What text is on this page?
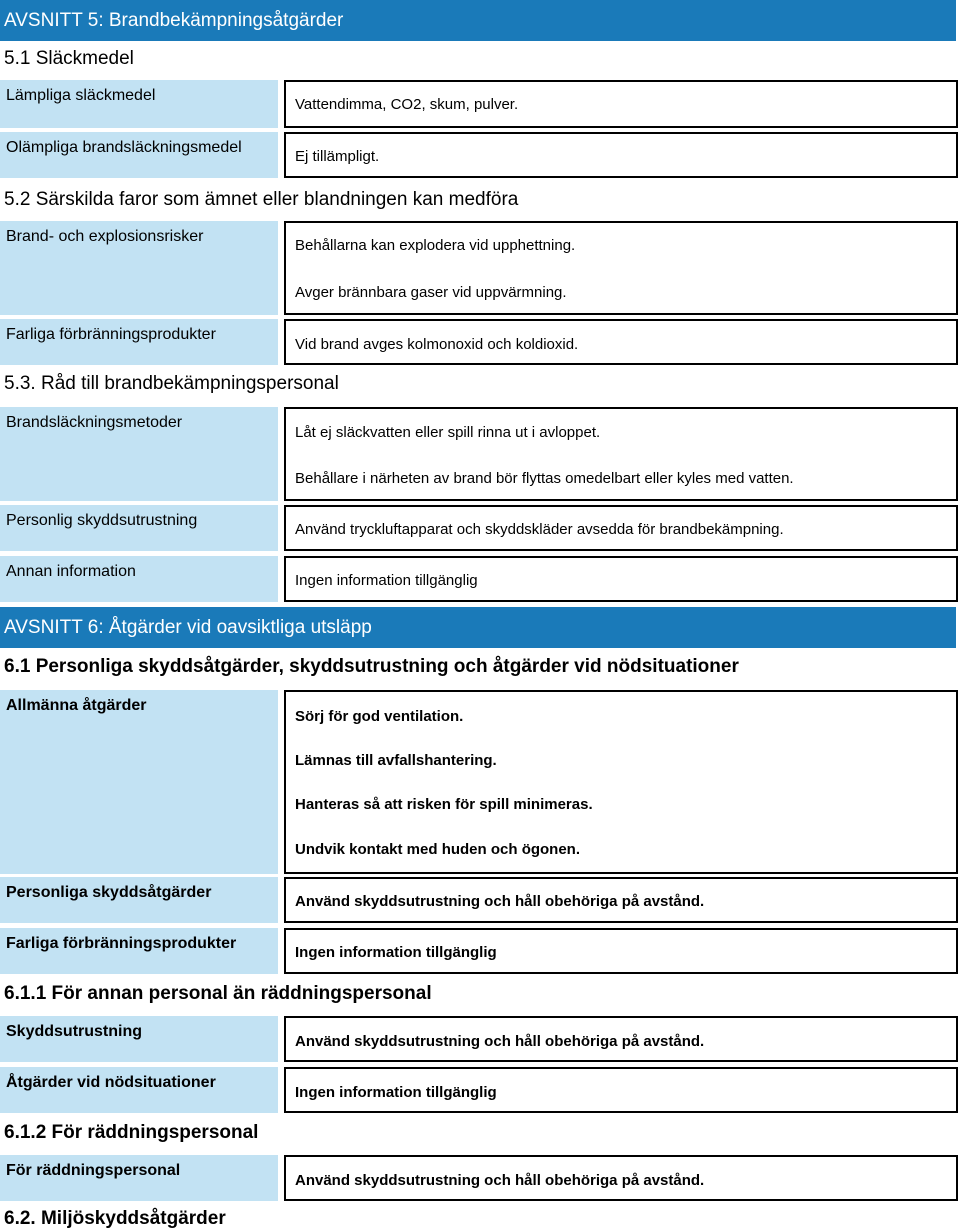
AVSNITT 5: Brandbekämpningsåtgärder
5.1 Släckmedel
Lämpliga släckmedel
Vattendimma, CO2, skum, pulver.
Olämpliga brandsläckningsmedel
Ej tillämpligt.
5.2 Särskilda faror som ämnet eller blandningen kan medföra
Brand- och explosionsrisker
Behållarna kan explodera vid upphettning.
Avger brännbara gaser vid uppvärmning.
Farliga förbränningsprodukter
Vid brand avges kolmonoxid och koldioxid.
5.3. Råd till brandbekämpningspersonal
Brandsläckningsmetoder
Låt ej släckvatten eller spill rinna ut i avloppet.
Behållare i närheten av brand bör flyttas omedelbart eller kyles med vatten.
Personlig skyddsutrustning
Använd tryckluftapparat och skyddskläder avsedda för brandbekämpning.
Annan information
Ingen information tillgänglig
AVSNITT 6: Åtgärder vid oavsiktliga utsläpp
6.1 Personliga skyddsåtgärder, skyddsutrustning och åtgärder vid nödsituationer
Allmänna åtgärder
Sörj för god ventilation.
Lämnas till avfallshantering.
Hanteras så att risken för spill minimeras.
Undvik kontakt med huden och ögonen.
Personliga skyddsåtgärder
Använd skyddsutrustning och håll obehöriga på avstånd.
Farliga förbränningsprodukter
Ingen information tillgänglig
6.1.1 För annan personal än räddningspersonal
Skyddsutrustning
Använd skyddsutrustning och håll obehöriga på avstånd.
Åtgärder vid nödsituationer
Ingen information tillgänglig
6.1.2 För räddningspersonal
För räddningspersonal
Använd skyddsutrustning och håll obehöriga på avstånd.
6.2. Miljöskyddsåtgärder
